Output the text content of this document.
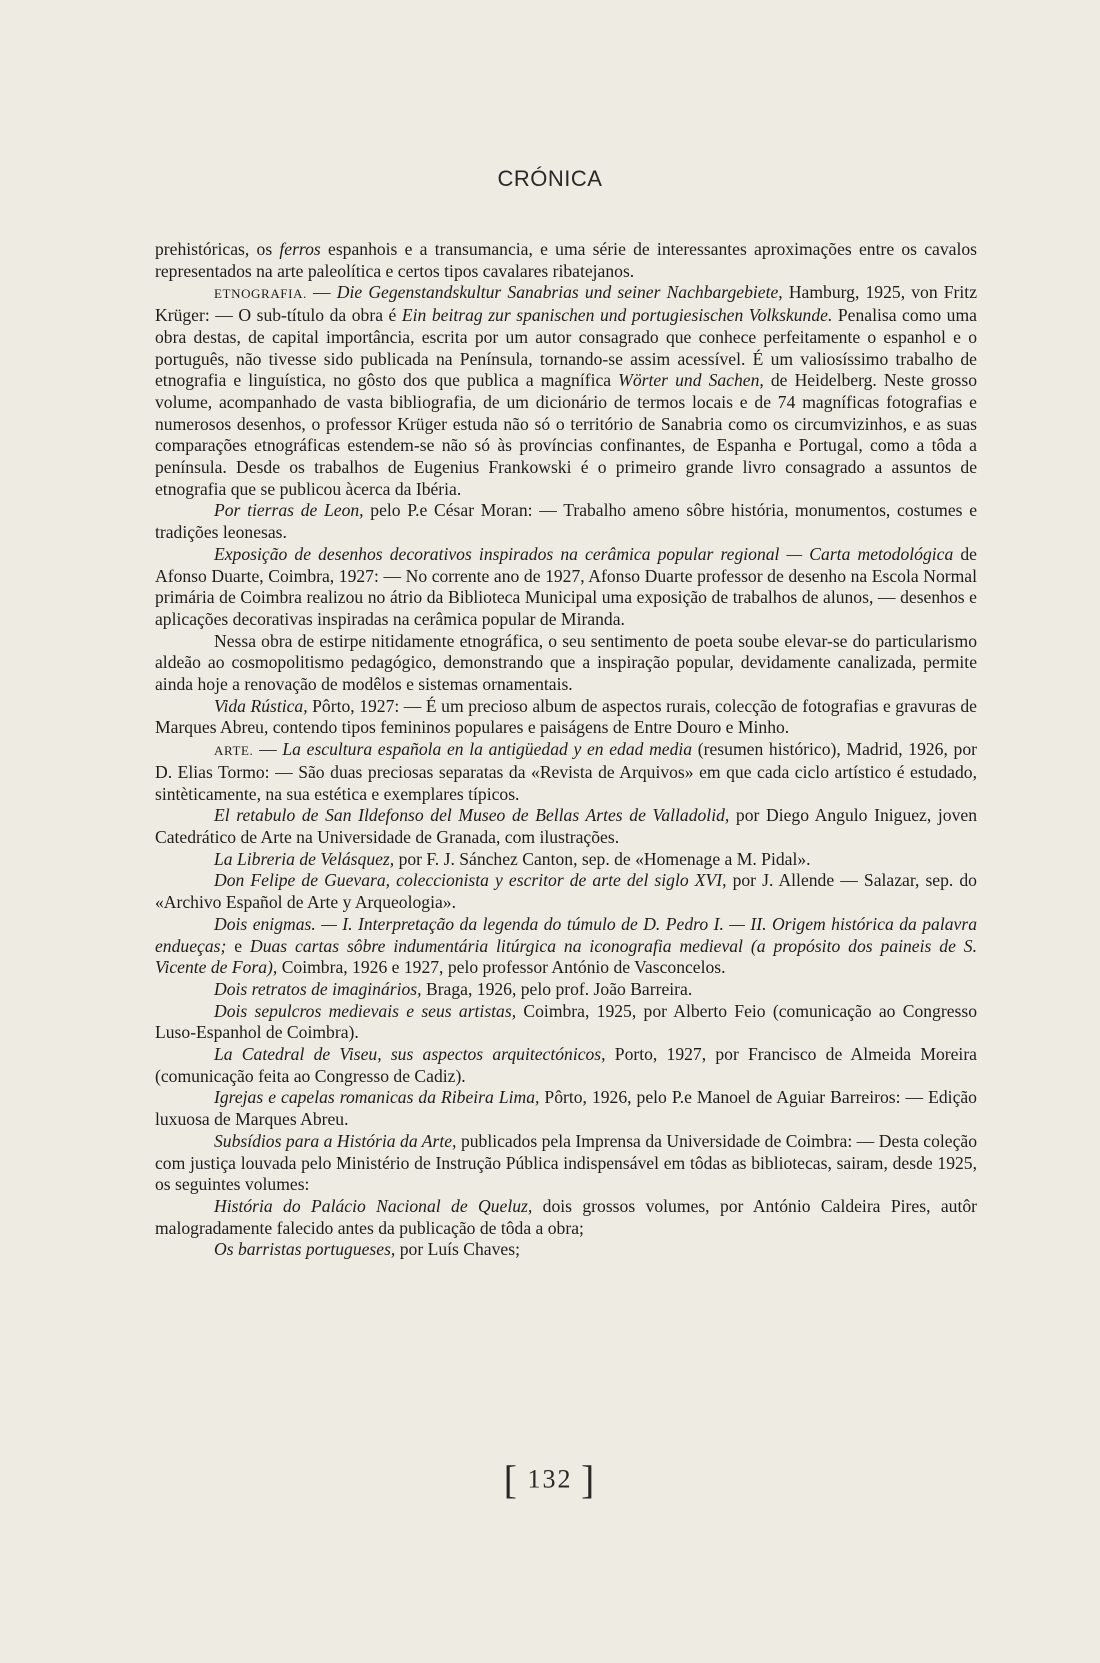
CRÓNICA

prehistóricas, os ferros espanhois e a transumancia, e uma série de interessantes aproximações entre os cavalos representados na arte paleolítica e certos tipos cavalares ribatejanos.

ETNOGRAFIA. — Die Gegenstandskultur Sanabrias und seiner Nachbargebiete, Hamburg, 1925, von Fritz Krüger: — O sub-título da obra é Ein beitrag zur spanischen und portugiesischen Volkskunde. Penalisa como uma obra destas, de capital importância, escrita por um autor consagrado que conhece perfeitamente o espanhol e o português, não tivesse sido publicada na Península, tornando-se assim acessível. É um valiosíssimo trabalho de etnografia e linguística, no gôsto dos que publica a magnífica Wörter und Sachen, de Heidelberg. Neste grosso volume, acompanhado de vasta bibliografia, de um dicionário de termos locais e de 74 magníficas fotografias e numerosos desenhos, o professor Krüger estuda não só o território de Sanabria como os circumvizinhos, e as suas comparações etnográficas estendem-se não só às províncias confinantes, de Espanha e Portugal, como a tôda a península. Desde os trabalhos de Eugenius Frankowski é o primeiro grande livro consagrado a assuntos de etnografia que se publicou àcerca da Ibéria.

Por tierras de Leon, pelo P.e César Moran: — Trabalho ameno sôbre história, monumentos, costumes e tradições leonesas.

Exposição de desenhos decorativos inspirados na cerâmica popular regional — Carta metodológica de Afonso Duarte, Coimbra, 1927: — No corrente ano de 1927, Afonso Duarte professor de desenho na Escola Normal primária de Coimbra realizou no átrio da Biblioteca Municipal uma exposição de trabalhos de alunos, — desenhos e aplicações decorativas inspiradas na cerâmica popular de Miranda.

Nessa obra de estirpe nitidamente etnográfica, o seu sentimento de poeta soube elevar-se do particularismo aldeão ao cosmopolitismo pedagógico, demonstrando que a inspiração popular, devidamente canalizada, permite ainda hoje a renovação de modêlos e sistemas ornamentais.

Vida Rústica, Pôrto, 1927: — É um precioso album de aspectos rurais, colecção de fotografias e gravuras de Marques Abreu, contendo tipos femininos populares e paiságens de Entre Douro e Minho.

ARTE. — La escultura española en la antigüedad y en edad media (resumen histórico), Madrid, 1926, por D. Elias Tormo: — São duas preciosas separatas da «Revista de Arquivos» em que cada ciclo artístico é estudado, sintèticamente, na sua estética e exemplares típicos.

El retabulo de San Ildefonso del Museo de Bellas Artes de Valladolid, por Diego Angulo Iniguez, joven Catedrático de Arte na Universidade de Granada, com ilustrações.

La Libreria de Velásquez, por F. J. Sánchez Canton, sep. de «Homenage a M. Pidal».

Don Felipe de Guevara, coleccionista y escritor de arte del siglo XVI, por J. Allende — Salazar, sep. do «Archivo Español de Arte y Arqueologia».

Dois enigmas. — I. Interpretação da legenda do túmulo de D. Pedro I. — II. Origem histórica da palavra endueças; e Duas cartas sôbre indumentária litúrgica na iconografia medieval (a propósito dos paineis de S. Vicente de Fora), Coimbra, 1926 e 1927, pelo professor António de Vasconcelos.

Dois retratos de imaginários, Braga, 1926, pelo prof. João Barreira.

Dois sepulcros medievais e seus artistas, Coimbra, 1925, por Alberto Feio (comunicação ao Congresso Luso-Espanhol de Coimbra).

La Catedral de Viseu, sus aspectos arquitectónicos, Porto, 1927, por Francisco de Almeida Moreira (comunicação feita ao Congresso de Cadiz).

Igrejas e capelas romanicas da Ribeira Lima, Pôrto, 1926, pelo P.e Manoel de Aguiar Barreiros: — Edição luxuosa de Marques Abreu.

Subsídios para a História da Arte, publicados pela Imprensa da Universidade de Coimbra: — Desta coleção com justiça louvada pelo Ministério de Instrução Pública indispensável em tôdas as bibliotecas, sairam, desde 1925, os seguintes volumes:

História do Palácio Nacional de Queluz, dois grossos volumes, por António Caldeira Pires, autôr malogradamente falecido antes da publicação de tôda a obra;

Os barristas portugueses, por Luís Chaves;

[ 132 ]
